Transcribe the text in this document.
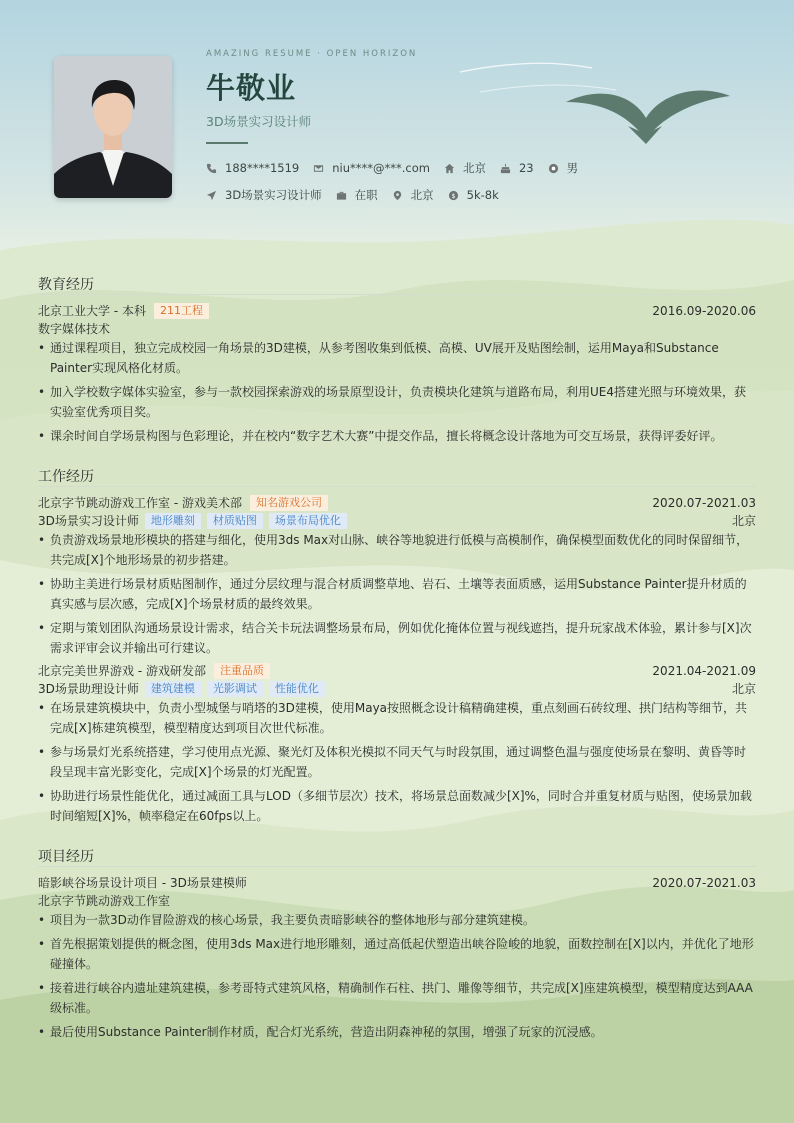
AMAZING RESUME · OPEN HORIZON
牛敬业
3D场景实习设计师
188****1519	niu****@***.com	北京	23	男
3D场景实习设计师	在职	北京 $ 5k-8k
教育经历
北京工业大学 - 本科	211工程	2016.09-2020.06
数字媒体技术
• 通过课程项目，独立完成校园一角场景的3D建模，从参考图收集到低模、高模、UV展开及贴图绘制，运用Maya和Substance Painter实现风格化材质。
• 加入学校数字媒体实验室，参与一款校园探索游戏的场景原型设计，负责模块化建筑与道路布局，利用UE4搭建光照与环境效果，获实验室优秀项目奖。
• 课余时间自学场景构图与色彩理论，并在校内“数字艺术大赛”中提交作品，擅长将概念设计落地为可交互场景，获得评委好评。
工作经历
北京字节跳动游戏工作室 - 游戏美术部	知名游戏公司	2020.07-2021.03
3D场景实习设计师	地形雕刻	材质贴图	场景布局优化	北京
• 负责游戏场景地形模块的搭建与细化，使用3ds Max对山脉、峡谷等地貌进行低模与高模制作，确保模型面数优化的同时保留细节，共完成[X]个地形场景的初步搭建。
• 协助主美进行场景材质贴图制作，通过分层纹理与混合材质调整草地、岩石、土壤等表面质感，运用Substance Painter提升材质的真实感与层次感，完成[X]个场景材质的最终效果。
• 定期与策划团队沟通场景设计需求，结合关卡玩法调整场景布局，例如优化掩体位置与视线遮挡，提升玩家战术体验，累计参与[X]次需求评审会议并输出可行建议。
北京完美世界游戏 - 游戏研发部	注重品质	2021.04-2021.09
3D场景助理设计师	建筑建模	光影调试	性能优化	北京
• 在场景建筑模块中，负责小型城堡与哨塔的3D建模，使用Maya按照概念设计稿精确建模，重点刻画石砖纹理、拱门结构等细节，共完成[X]栋建筑模型，模型精度达到项目次世代标准。
• 参与场景灯光系统搭建，学习使用点光源、聚光灯及体积光模拟不同天气与时段氛围，通过调整色温与强度使场景在黎明、黄昏等时段呈现丰富光影变化，完成[X]个场景的灯光配置。
• 协助进行场景性能优化，通过减面工具与LOD（多细节层次）技术，将场景总面数减少[X]%，同时合并重复材质与贴图，使场景加载时间缩短[X]%，帧率稳定在60fps以上。
项目经历
暗影峡谷场景设计项目 - 3D场景建模师	2020.07-2021.03
北京字节跳动游戏工作室
• 项目为一款3D动作冒险游戏的核心场景，我主要负责暗影峡谷的整体地形与部分建筑建模。
• 首先根据策划提供的概念图，使用3ds Max进行地形雕刻，通过高低起伏塑造出峡谷险峻的地貌，面数控制在[X]以内，并优化了地形碰撞体。
• 接着进行峡谷内遗址建筑建模，参考哥特式建筑风格，精确制作石柱、拱门、雕像等细节，共完成[X]座建筑模型，模型精度达到AAA级标准。
• 最后使用Substance Painter制作材质，配合灯光系统，营造出阴森神秘的氛围，增强了玩家的沉浸感。
